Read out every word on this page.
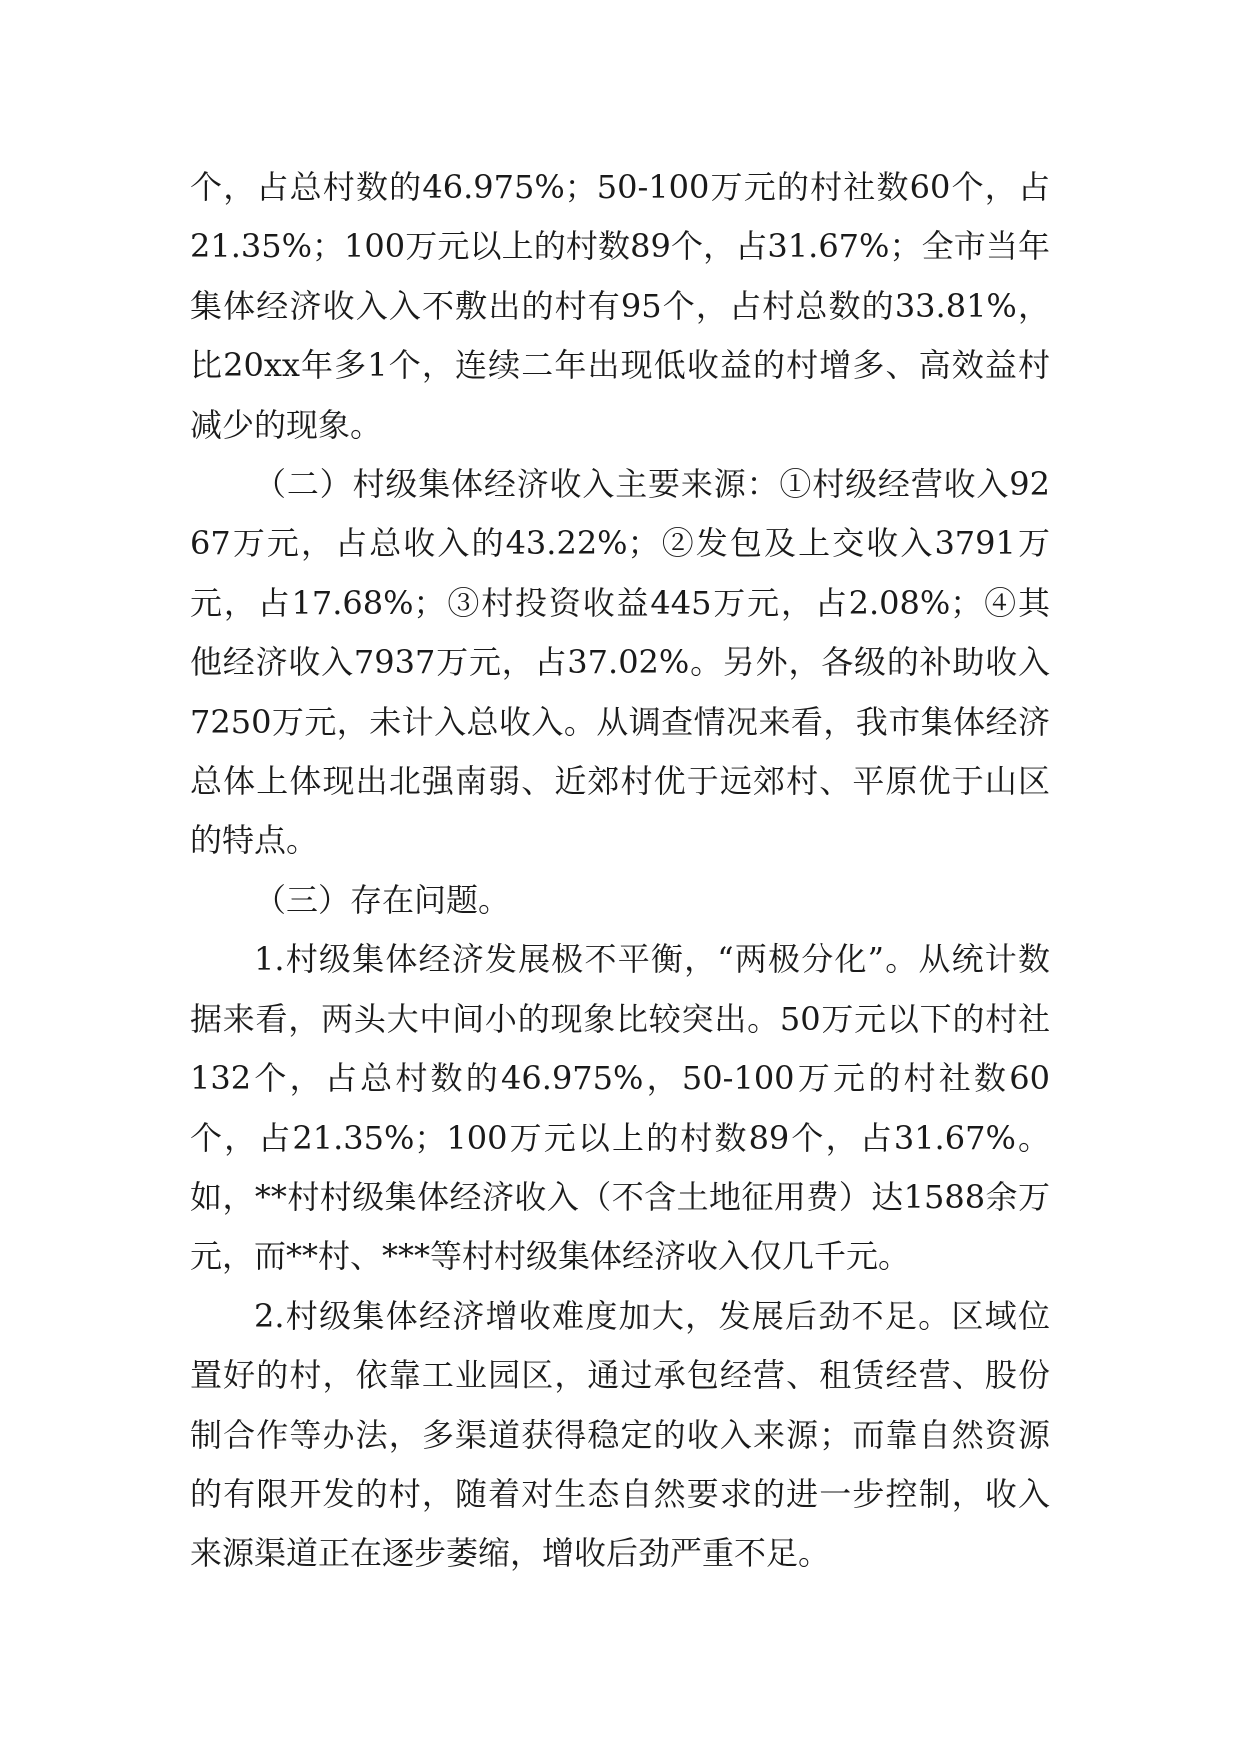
个，占总村数的46.975%；50-100万元的村社数60个，占21.35%；100万元以上的村数89个，占31.67%；全市当年集体经济收入入不敷出的村有95个，占村总数的33.81%，比20xx年多1个，连续二年出现低收益的村增多、高效益村减少的现象。

（二）村级集体经济收入主要来源：①村级经营收入9267万元，占总收入的43.22%；②发包及上交收入3791万元，占17.68%；③村投资收益445万元，占2.08%；④其他经济收入7937万元，占37.02%。另外，各级的补助收入7250万元，未计入总收入。从调查情况来看，我市集体经济总体上体现出北强南弱、近郊村优于远郊村、平原优于山区的特点。

（三）存在问题。

1.村级集体经济发展极不平衡，“两极分化”。从统计数据来看，两头大中间小的现象比较突出。50万元以下的村社132个，占总村数的46.975%，50-100万元的村社数60个，占21.35%；100万元以上的村数89个，占31.67%。如，**村村级集体经济收入（不含土地征用费）达1588余万元，而**村、***等村村级集体经济收入仅几千元。

2.村级集体经济增收难度加大，发展后劲不足。区域位置好的村，依靠工业园区，通过承包经营、租赁经营、股份制合作等办法，多渠道获得稳定的收入来源；而靠自然资源的有限开发的村，随着对生态自然要求的进一步控制，收入来源渠道正在逐步萎缩，增收后劲严重不足。
